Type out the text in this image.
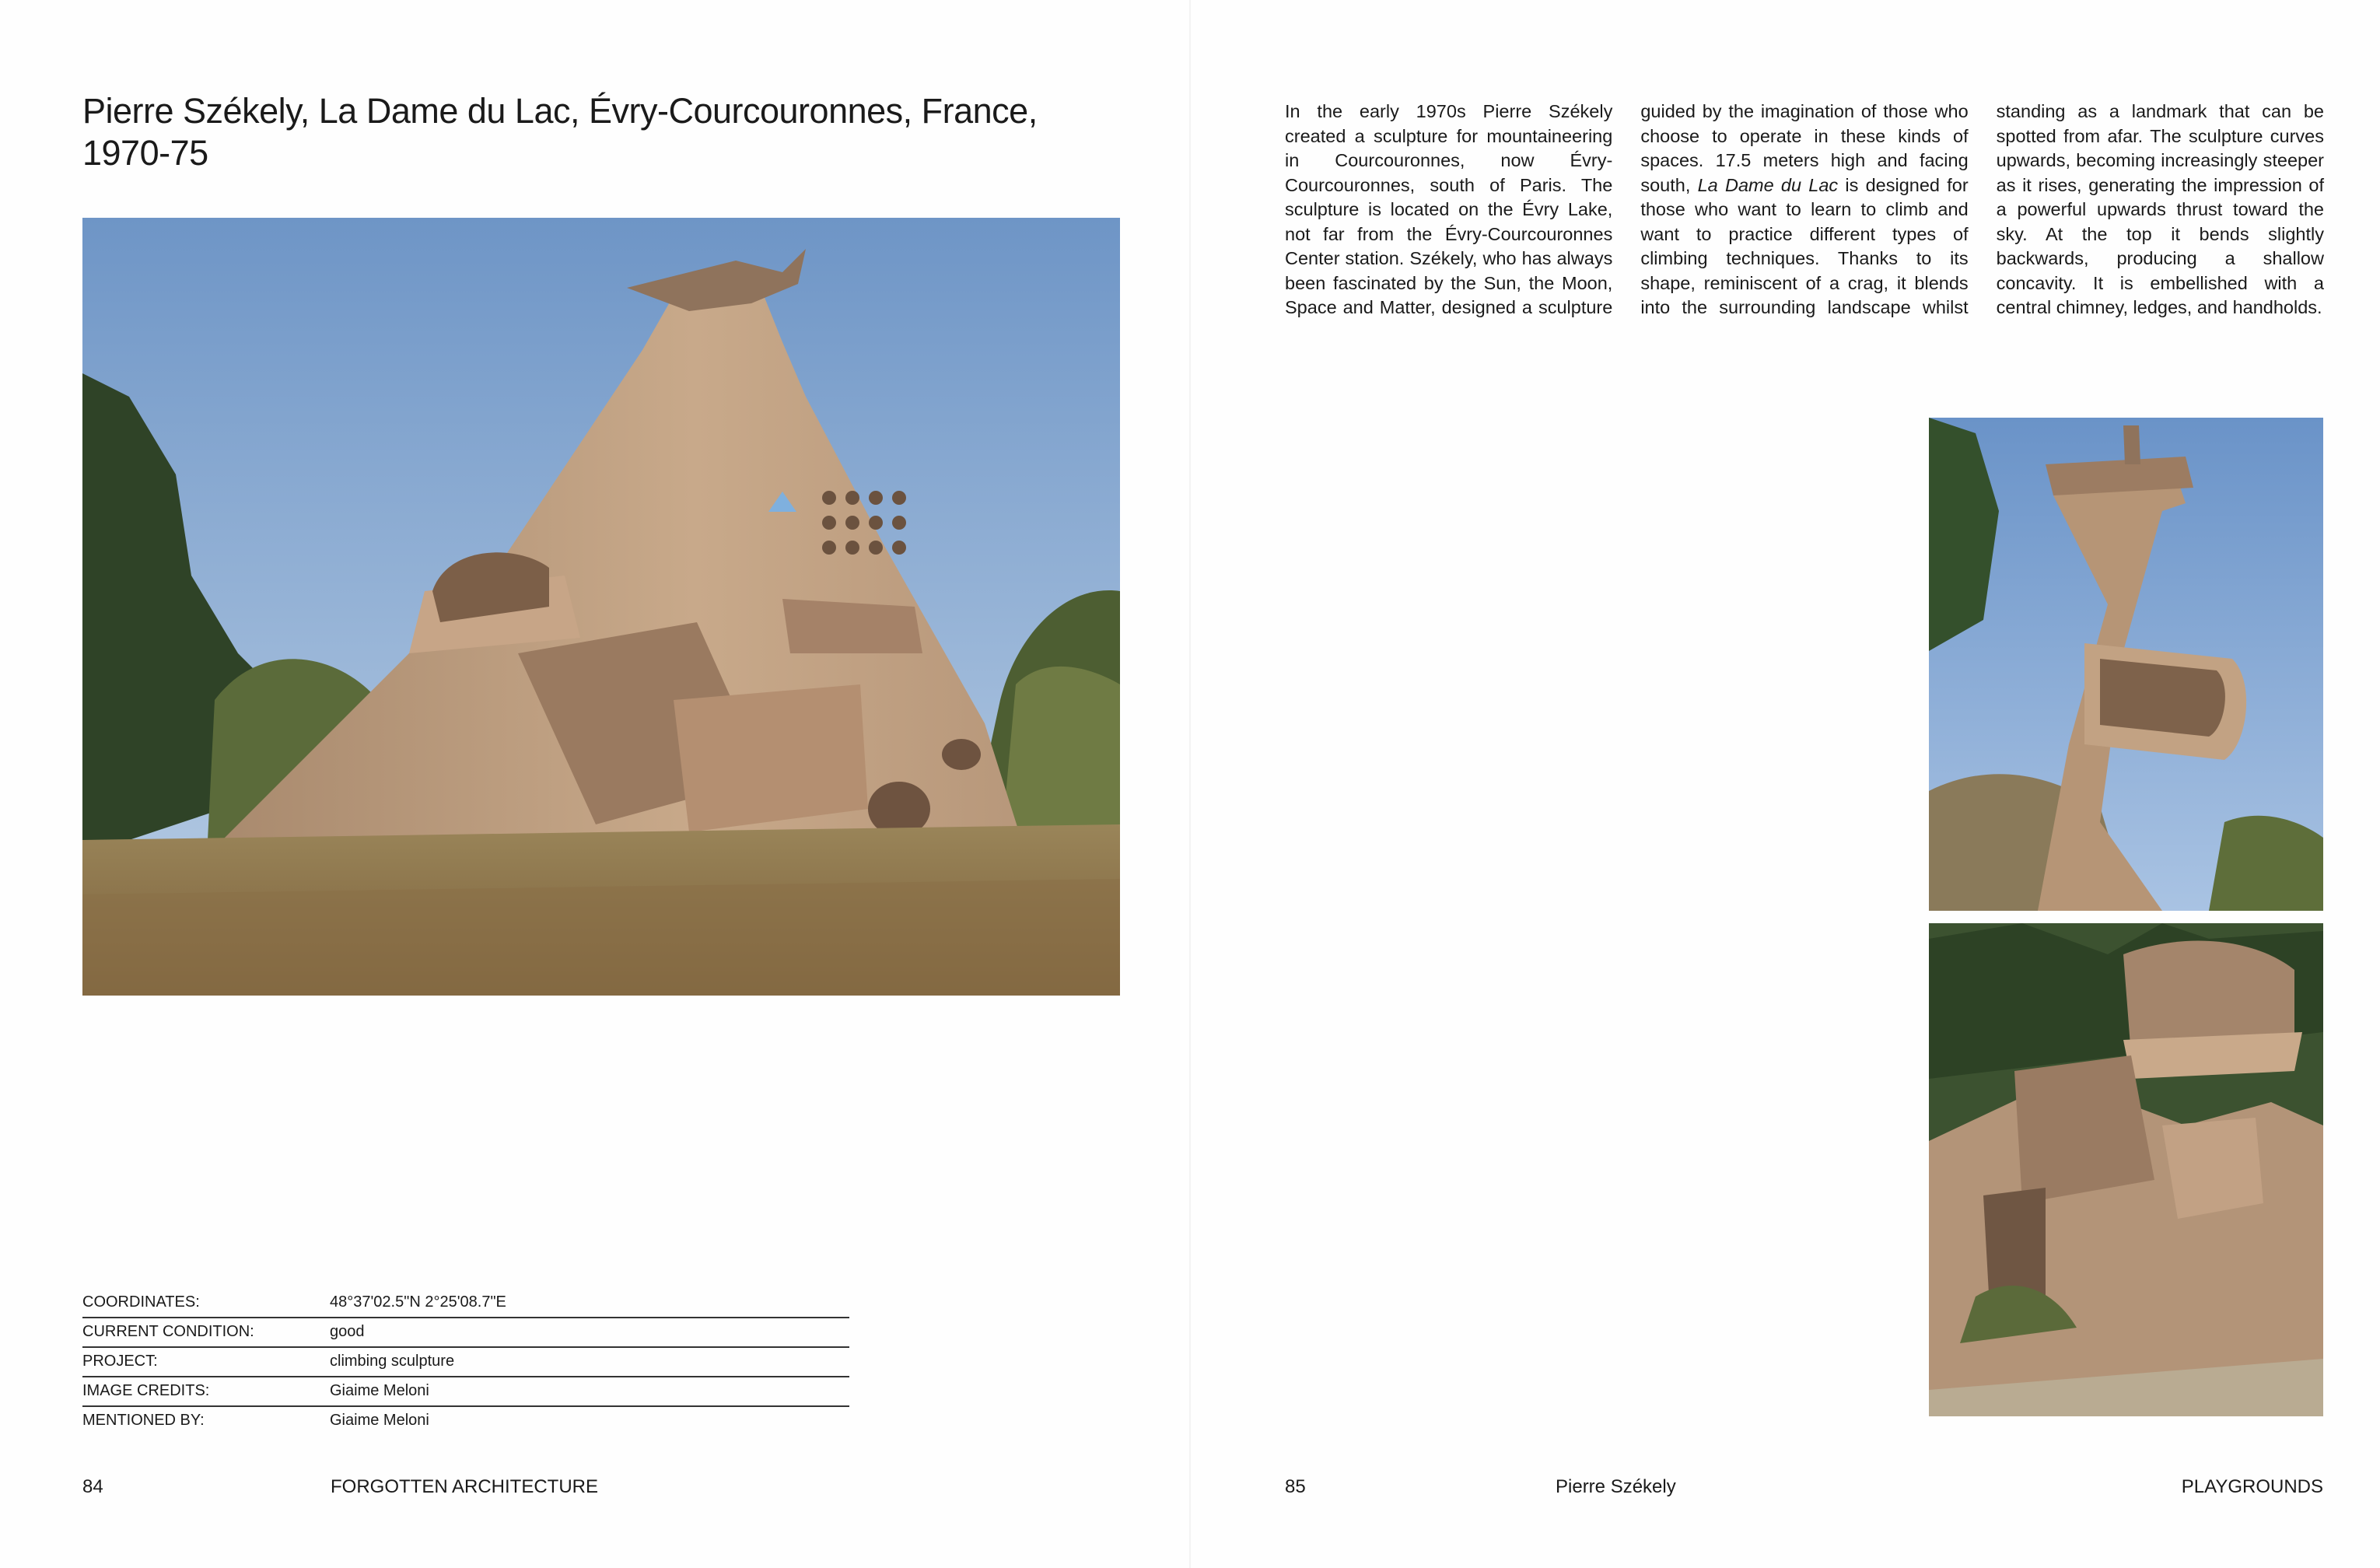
Pierre Székely, La Dame du Lac, Évry-Courcouronnes, France, 1970-75
COORDINATES:	48°37'02.5"N 2°25'08.7"E
CURRENT CONDITION:	good
PROJECT:	climbing sculpture
IMAGE CREDITS:	Giaime Meloni
MENTIONED BY:	Giaime Meloni
84	FORGOTTEN ARCHITECTURE

In the early 1970s Pierre Székely created a sculpture for mountaineering in Courcouronnes, now Évry-Courcouronnes, south of Paris. The sculpture is located on the Évry Lake, not far from the Évry-Courcouronnes Center station. Székely, who has always been fascinated by the Sun, the Moon, Space and Matter, designed a sculpture guided by the imagination of those who choose to operate in these kinds of spaces. 17.5 meters high and facing south, La Dame du Lac is designed for those who want to learn to climb and want to practice different types of climbing techniques. Thanks to its shape, reminiscent of a crag, it blends into the surrounding landscape whilst standing as a landmark that can be spotted from afar. The sculpture curves upwards, becoming increasingly steeper as it rises, generating the impression of a powerful upwards thrust toward the sky. At the top it bends slightly backwards, producing a shallow concavity. It is embellished with a central chimney, ledges, and handholds.

85	Pierre Székely	PLAYGROUNDS
